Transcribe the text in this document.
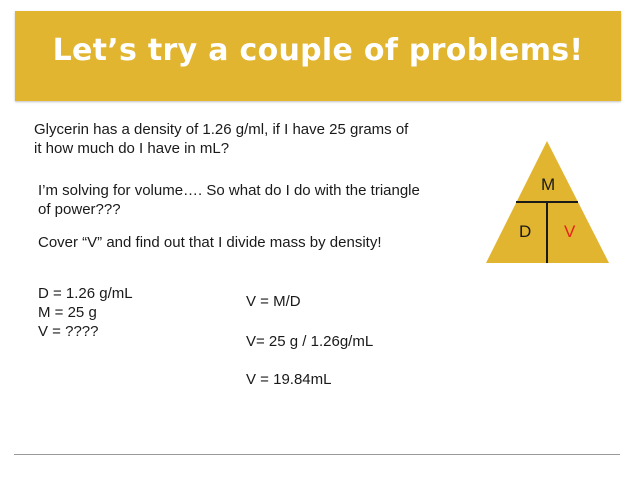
Let’s try a couple of problems!
Glycerin has a density of 1.26 g/ml, if I have 25 grams of
it how much do I have in mL?
I’m solving for volume…. So what do I do with the triangle
of power???
Cover “V” and find out that I divide mass by density!
D = 1.26 g/mL
M = 25 g
V = ????
V = M/D
V= 25 g / 1.26g/mL
V = 19.84mL
M
D V
